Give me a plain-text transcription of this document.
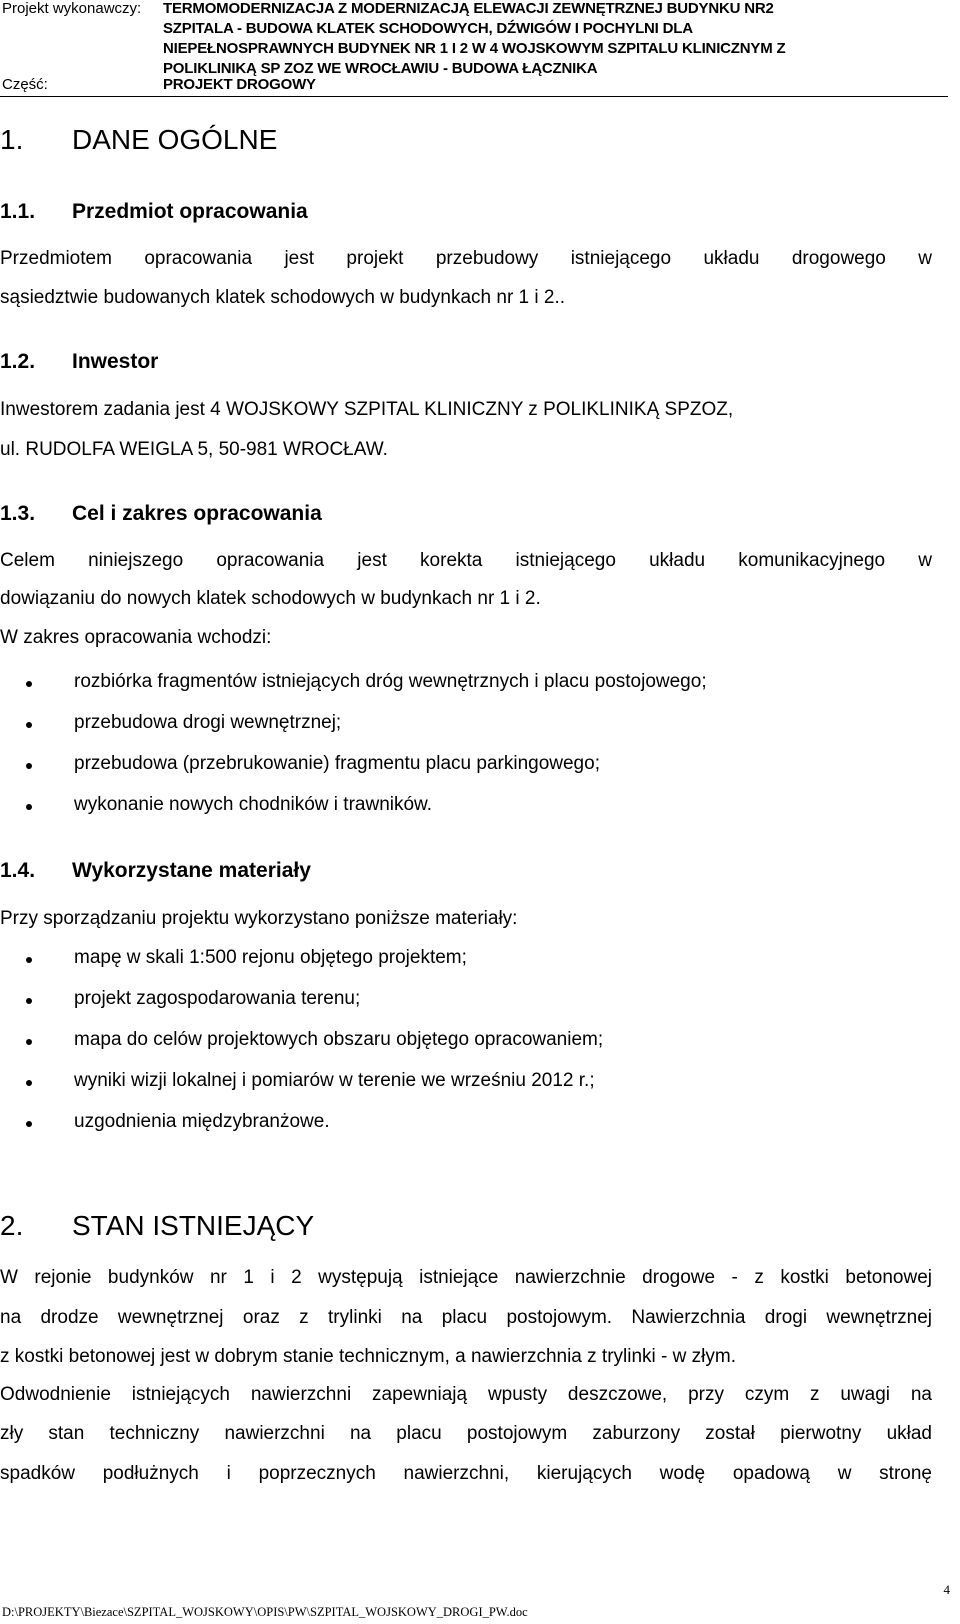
Projekt wykonawczy: TERMOMODERNIZACJA Z MODERNIZACJĄ ELEWACJI ZEWNĘTRZNEJ BUDYNKU NR2
SZPITALA - BUDOWA KLATEK SCHODOWYCH, DŹWIGÓW I POCHYLNI DLA
NIEPEŁNOSPRAWNYCH BUDYNEK NR 1 I 2 W 4 WOJSKOWYM SZPITALU KLINICZNYM Z
POLIKLINIKĄ SP ZOZ WE WROCŁAWIU - BUDOWA ŁĄCZNIKA
Część:	PROJEKT DROGOWY
1. DANE OGÓLNE
1.1. Przedmiot opracowania
Przedmiotem opracowania jest projekt przebudowy istniejącego układu drogowego w
sąsiedztwie budowanych klatek schodowych w budynkach nr 1 i 2..
1.2. Inwestor
Inwestorem zadania jest 4 WOJSKOWY SZPITAL KLINICZNY z POLIKLINIKĄ SPZOZ,
ul. RUDOLFA WEIGLA 5, 50-981 WROCŁAW.
1.3. Cel i zakres opracowania
Celem niniejszego opracowania jest korekta istniejącego układu komunikacyjnego w
dowiązaniu do nowych klatek schodowych w budynkach nr 1 i 2.
W zakres opracowania wchodzi:
rozbiórka fragmentów istniejących dróg wewnętrznych i placu postojowego;
przebudowa drogi wewnętrznej;
przebudowa (przebrukowanie) fragmentu placu parkingowego;
wykonanie nowych chodników i trawników.
1.4. Wykorzystane materiały
Przy sporządzaniu projektu wykorzystano poniższe materiały:
mapę w skali 1:500 rejonu objętego projektem;
projekt zagospodarowania terenu;
mapa do celów projektowych obszaru objętego opracowaniem;
wyniki wizji lokalnej i pomiarów w terenie we wrześniu 2012 r.;
uzgodnienia międzybranżowe.
2. STAN ISTNIEJĄCY
W rejonie budynków nr 1 i 2 występują istniejące nawierzchnie drogowe - z kostki betonowej
na drodze wewnętrznej oraz z trylinki na placu postojowym. Nawierzchnia drogi wewnętrznej
z kostki betonowej jest w dobrym stanie technicznym, a nawierzchnia z trylinki - w złym.
Odwodnienie istniejących nawierzchni zapewniają wpusty deszczowe, przy czym z uwagi na
zły stan techniczny nawierzchni na placu postojowym zaburzony został pierwotny układ
spadków podłużnych i poprzecznych nawierzchni, kierujących wodę opadową w stronę
4
D:\PROJEKTY\Biezace\SZPITAL_WOJSKOWY\OPIS\PW\SZPITAL_WOJSKOWY_DROGI_PW.doc
